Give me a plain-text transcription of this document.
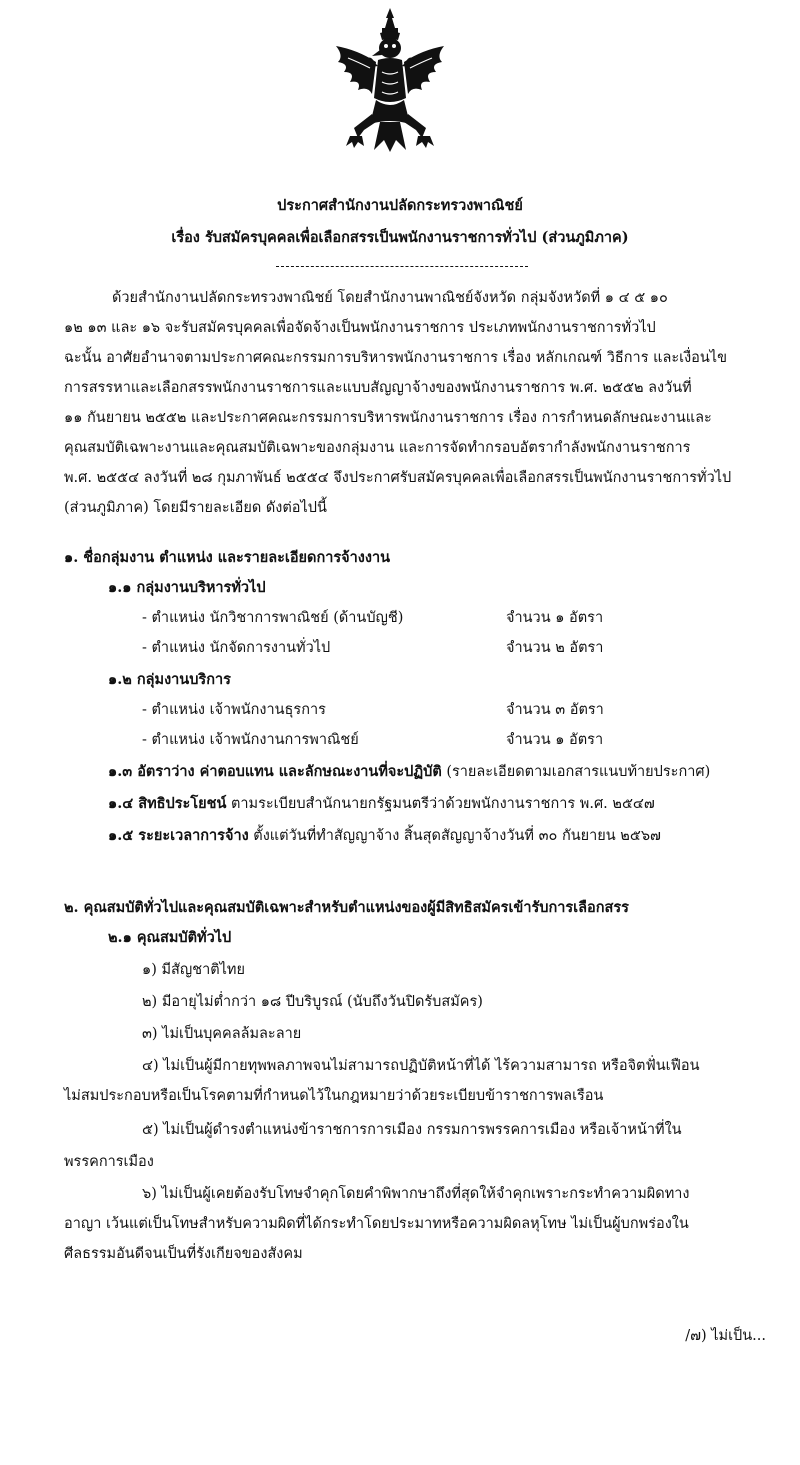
ประกาศสำนักงานปลัดกระทรวงพาณิชย์
เรื่อง รับสมัครบุคคลเพื่อเลือกสรรเป็นพนักงานราชการทั่วไป (ส่วนภูมิภาค)
ด้วยสำนักงานปลัดกระทรวงพาณิชย์ โดยสำนักงานพาณิชย์จังหวัด กลุ่มจังหวัดที่ ๑ ๔ ๕ ๑๐
๑๒ ๑๓ และ ๑๖ จะรับสมัครบุคคลเพื่อจัดจ้างเป็นพนักงานราชการ ประเภทพนักงานราชการทั่วไป
ฉะนั้น อาศัยอำนาจตามประกาศคณะกรรมการบริหารพนักงานราชการ เรื่อง หลักเกณฑ์ วิธีการ และเงื่อนไข
การสรรหาและเลือกสรรพนักงานราชการและแบบสัญญาจ้างของพนักงานราชการ พ.ศ. ๒๕๕๒ ลงวันที่
๑๑ กันยายน ๒๕๕๒ และประกาศคณะกรรมการบริหารพนักงานราชการ เรื่อง การกำหนดลักษณะงานและ
คุณสมบัติเฉพาะงานและคุณสมบัติเฉพาะของกลุ่มงาน และการจัดทำกรอบอัตรากำลังพนักงานราชการ
พ.ศ. ๒๕๕๔ ลงวันที่ ๒๘ กุมภาพันธ์ ๒๕๕๔ จึงประกาศรับสมัครบุคคลเพื่อเลือกสรรเป็นพนักงานราชการทั่วไป
(ส่วนภูมิภาค) โดยมีรายละเอียด ดังต่อไปนี้
๑. ชื่อกลุ่มงาน ตำแหน่ง และรายละเอียดการจ้างงาน
๑.๑ กลุ่มงานบริหารทั่วไป
- ตำแหน่ง นักวิชาการพาณิชย์ (ด้านบัญชี)	จำนวน ๑ อัตรา
- ตำแหน่ง นักจัดการงานทั่วไป	จำนวน ๒ อัตรา
๑.๒ กลุ่มงานบริการ
- ตำแหน่ง เจ้าพนักงานธุรการ	จำนวน ๓ อัตรา
- ตำแหน่ง เจ้าพนักงานการพาณิชย์	จำนวน ๑ อัตรา
๑.๓ อัตราว่าง ค่าตอบแทน และลักษณะงานที่จะปฏิบัติ (รายละเอียดตามเอกสารแนบท้ายประกาศ)
๑.๔ สิทธิประโยชน์ ตามระเบียบสำนักนายกรัฐมนตรีว่าด้วยพนักงานราชการ พ.ศ. ๒๕๔๗
๑.๕ ระยะเวลาการจ้าง ตั้งแต่วันที่ทำสัญญาจ้าง สิ้นสุดสัญญาจ้างวันที่ ๓๐ กันยายน ๒๕๖๗
๒. คุณสมบัติทั่วไปและคุณสมบัติเฉพาะสำหรับตำแหน่งของผู้มีสิทธิสมัครเข้ารับการเลือกสรร
๒.๑ คุณสมบัติทั่วไป
๑) มีสัญชาติไทย
๒) มีอายุไม่ต่ำกว่า ๑๘ ปีบริบูรณ์ (นับถึงวันปิดรับสมัคร)
๓) ไม่เป็นบุคคลล้มละลาย
๔) ไม่เป็นผู้มีกายทุพพลภาพจนไม่สามารถปฏิบัติหน้าที่ได้ ไร้ความสามารถ หรือจิตฟั่นเฟือน
ไม่สมประกอบหรือเป็นโรคตามที่กำหนดไว้ในกฎหมายว่าด้วยระเบียบข้าราชการพลเรือน
๕) ไม่เป็นผู้ดำรงตำแหน่งข้าราชการการเมือง กรรมการพรรคการเมือง หรือเจ้าหน้าที่ใน
พรรคการเมือง
๖) ไม่เป็นผู้เคยต้องรับโทษจำคุกโดยคำพิพากษาถึงที่สุดให้จำคุกเพราะกระทำความผิดทาง
อาญา เว้นแต่เป็นโทษสำหรับความผิดที่ได้กระทำโดยประมาทหรือความผิดลหุโทษ ไม่เป็นผู้บกพร่องใน
ศีลธรรมอันดีจนเป็นที่รังเกียจของสังคม
/๗) ไม่เป็น...
